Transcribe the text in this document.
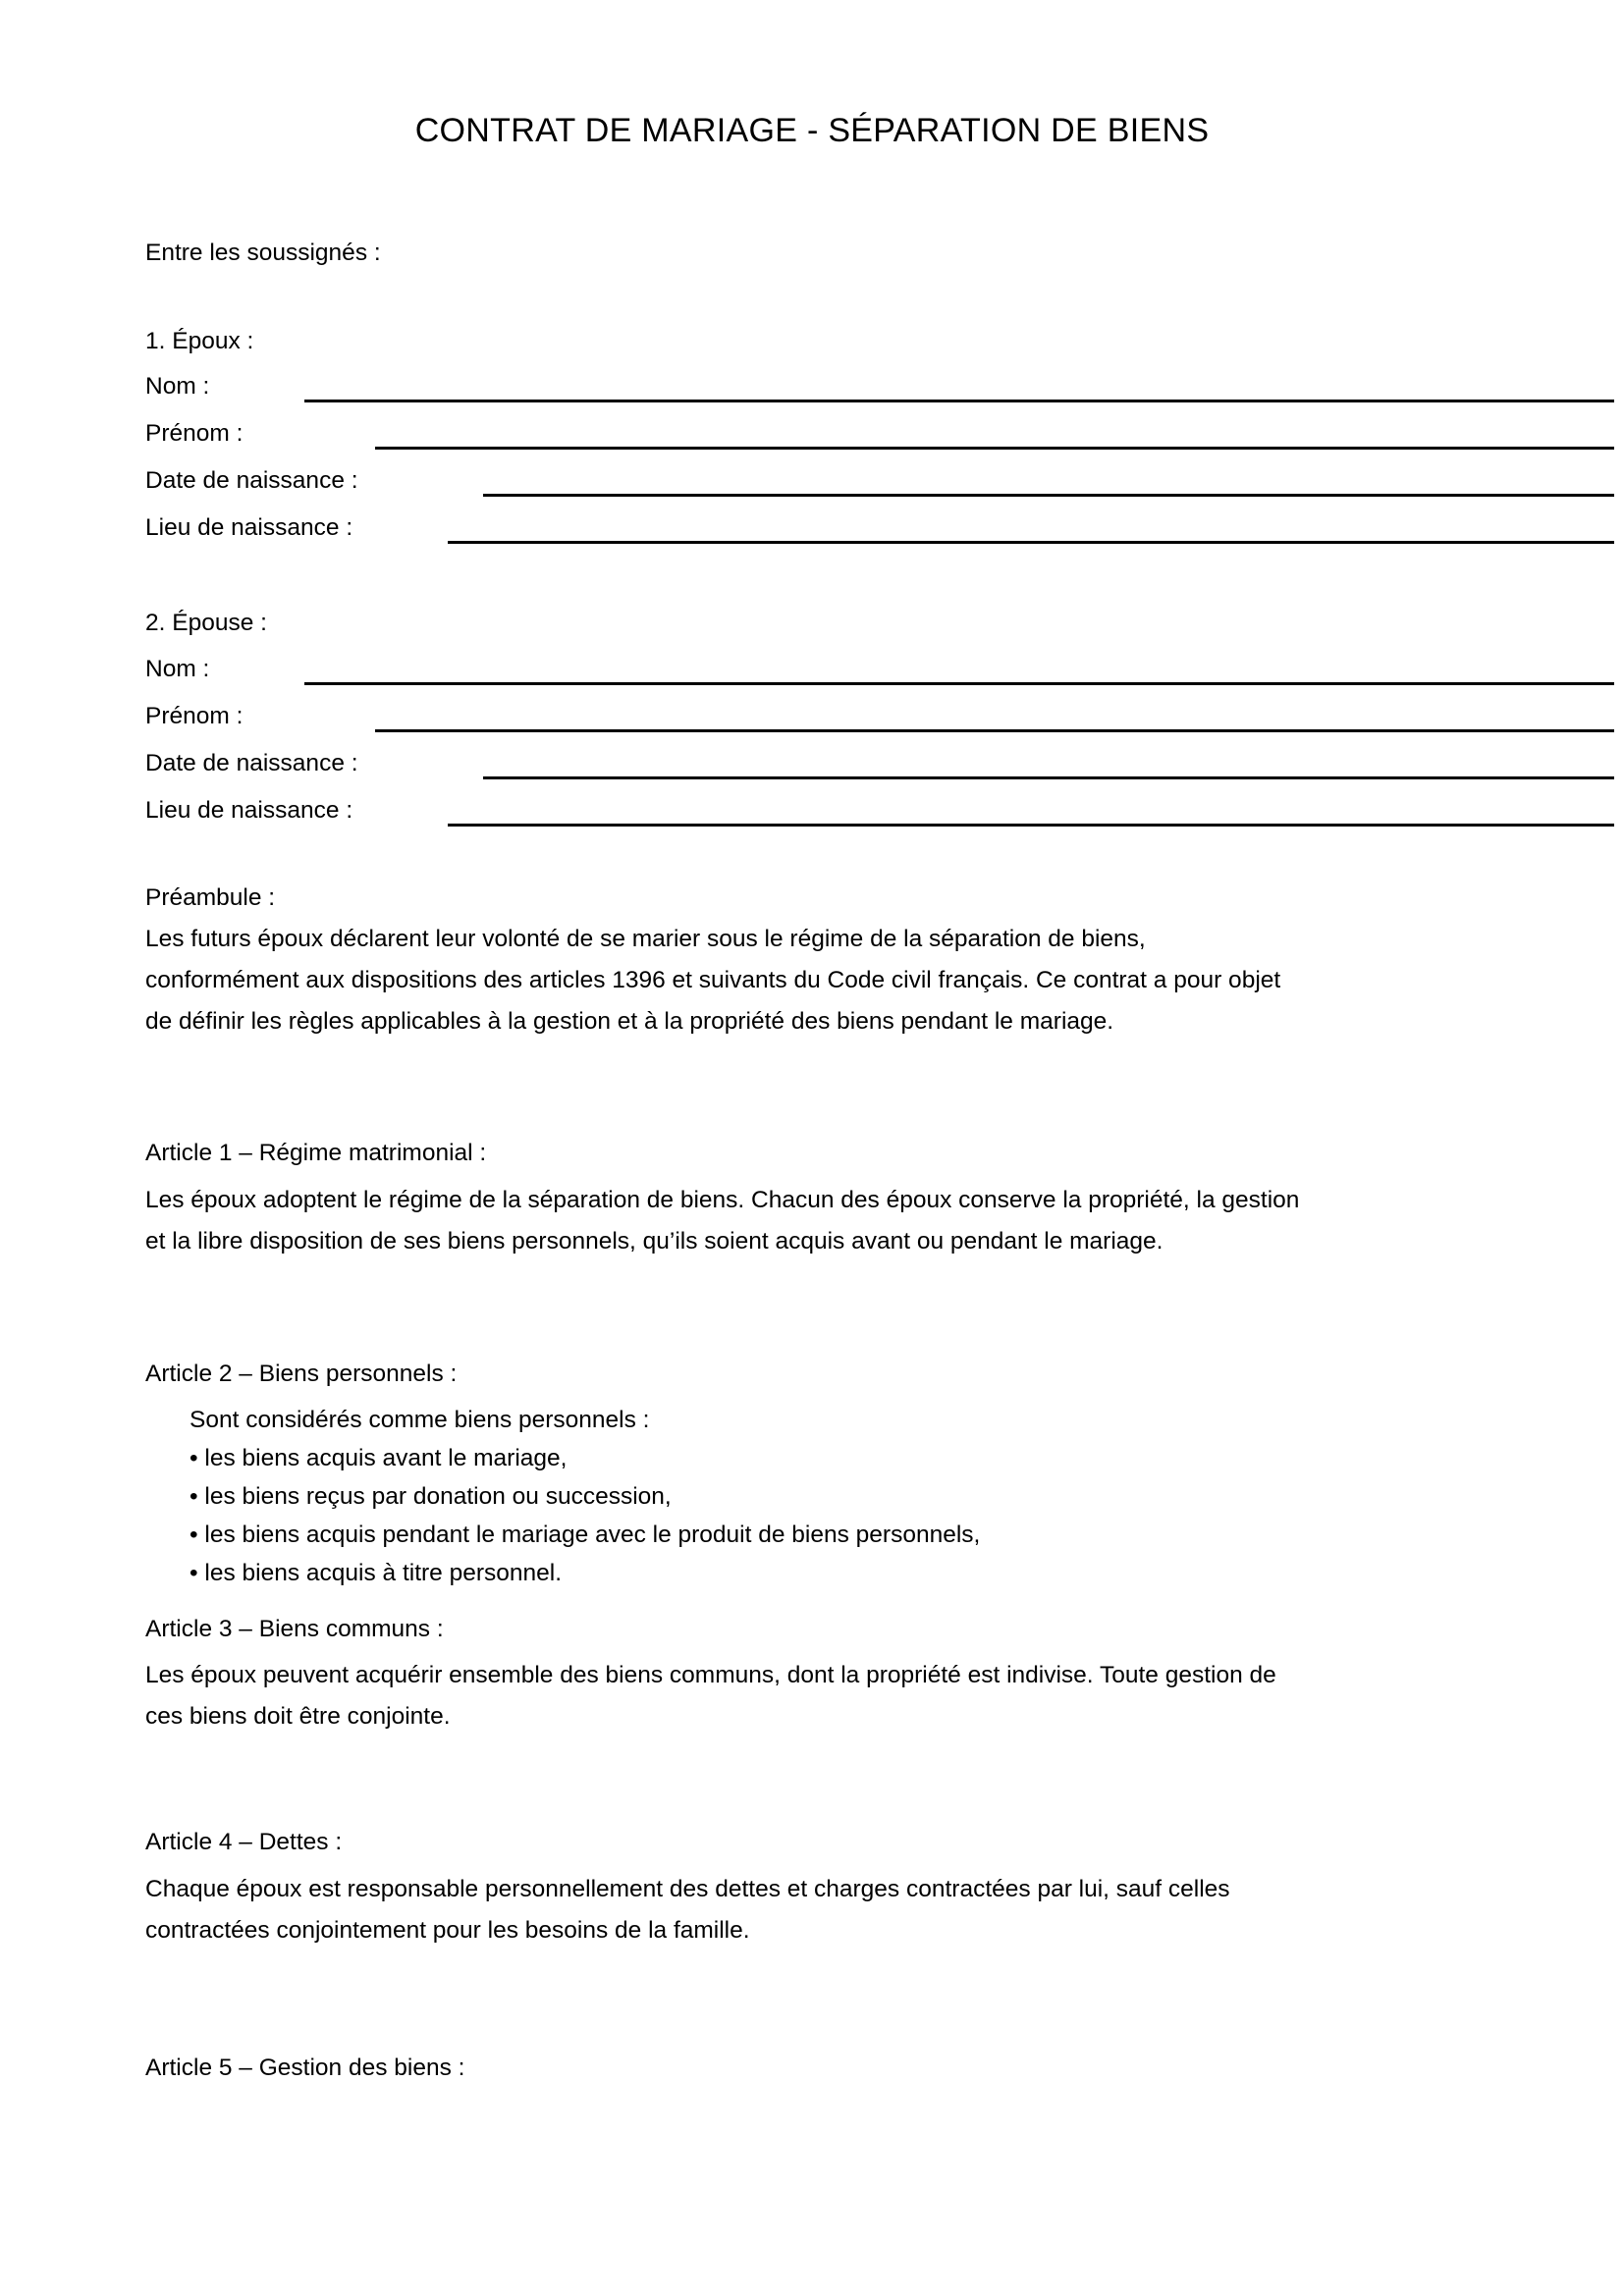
CONTRAT DE MARIAGE - SÉPARATION DE BIENS
Entre les soussignés :
1. Époux :
Nom :
Prénom :
Date de naissance :
Lieu de naissance :
2. Épouse :
Nom :
Prénom :
Date de naissance :
Lieu de naissance :
Préambule :
Les futurs époux déclarent leur volonté de se marier sous le régime de la séparation de biens,
conformément aux dispositions des articles 1396 et suivants du Code civil français. Ce contrat a pour objet
de définir les règles applicables à la gestion et à la propriété des biens pendant le mariage.
Article 1 – Régime matrimonial :
Les époux adoptent le régime de la séparation de biens. Chacun des époux conserve la propriété, la gestion
et la libre disposition de ses biens personnels, qu’ils soient acquis avant ou pendant le mariage.
Article 2 – Biens personnels :
Sont considérés comme biens personnels :
• les biens acquis avant le mariage,
• les biens reçus par donation ou succession,
• les biens acquis pendant le mariage avec le produit de biens personnels,
• les biens acquis à titre personnel.
Article 3 – Biens communs :
Les époux peuvent acquérir ensemble des biens communs, dont la propriété est indivise. Toute gestion de
ces biens doit être conjointe.
Article 4 – Dettes :
Chaque époux est responsable personnellement des dettes et charges contractées par lui, sauf celles
contractées conjointement pour les besoins de la famille.
Article 5 – Gestion des biens :
